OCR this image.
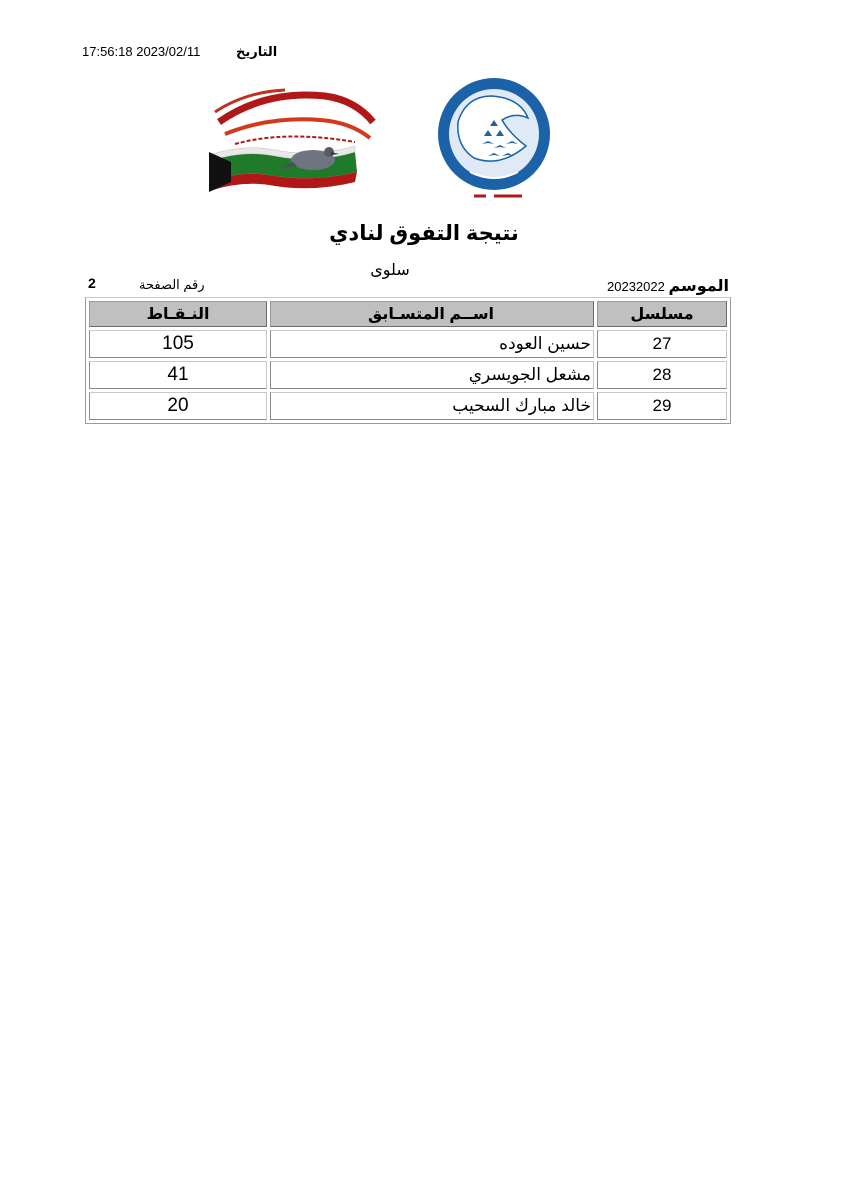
17:56:18 2023/02/11	التاريخ
نتيجة التفوق لنادي
سلوى
الموسم 20232022
رقم الصفحة
2
مسلسل	اســم المتسـابق	النـقـاط
27	حسين العوده	105
28	مشعل الجويسري	41
29	خالد مبارك السحيب	20
